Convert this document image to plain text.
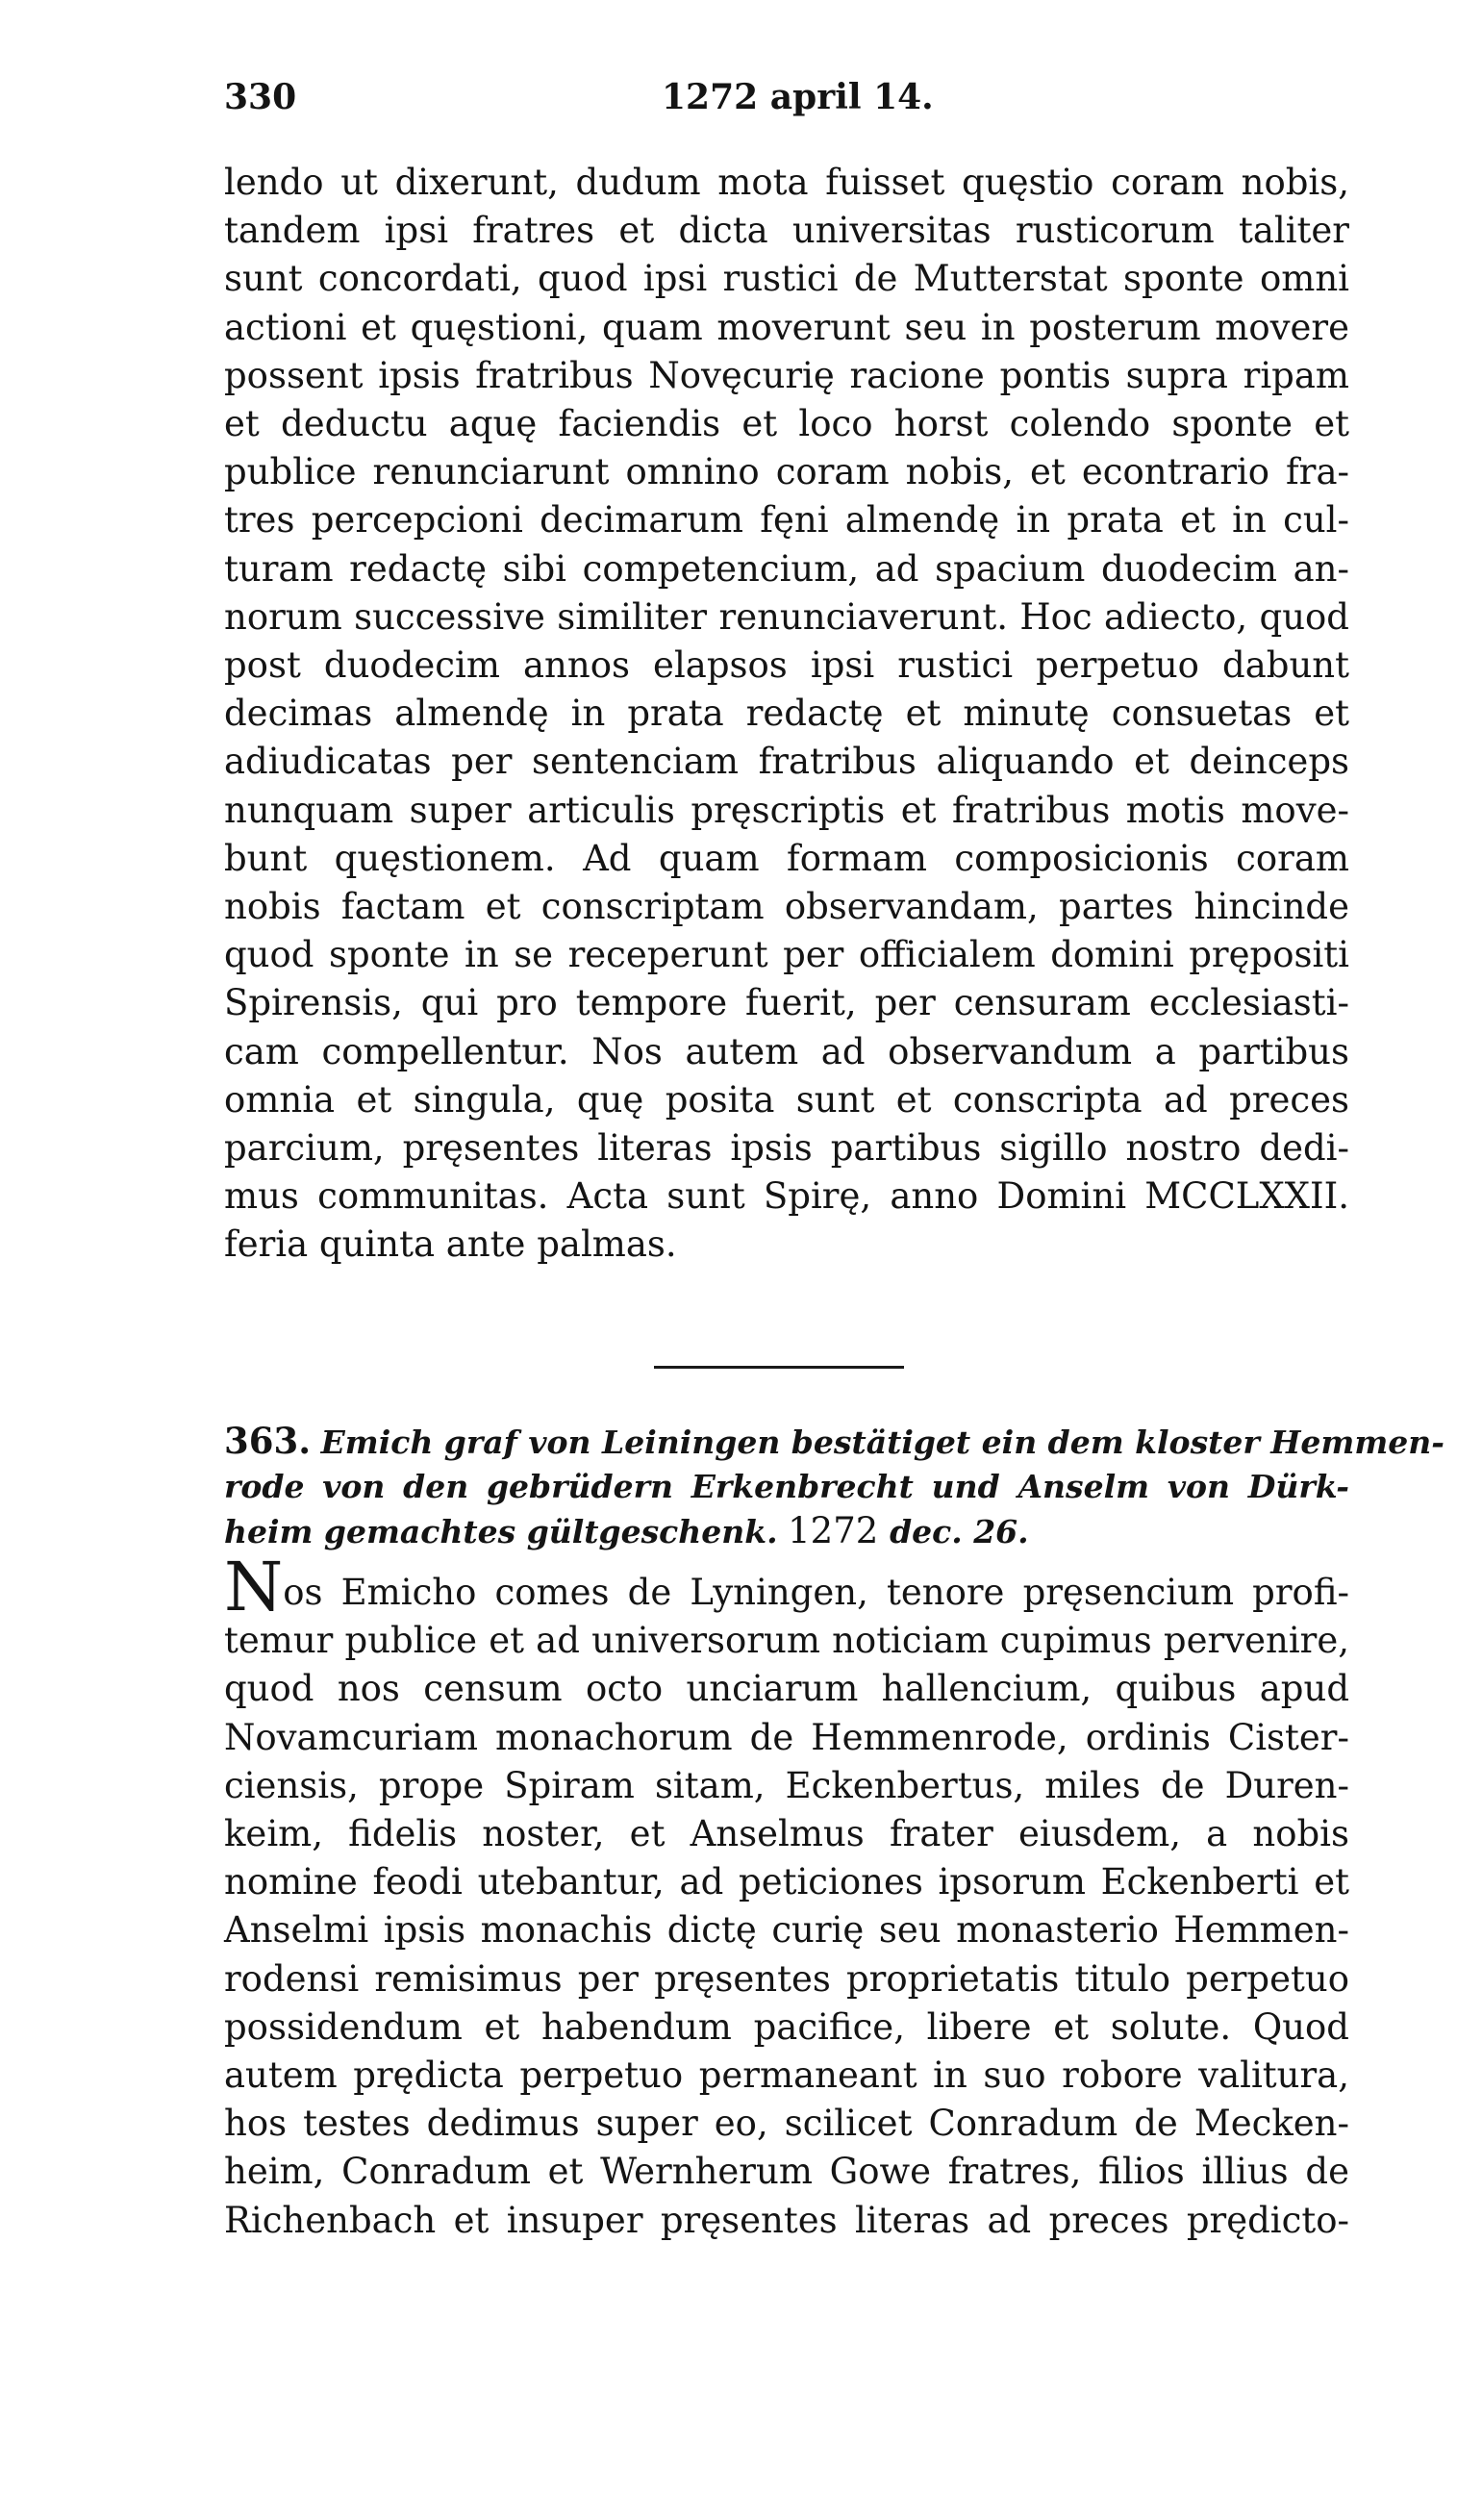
330	1272 april 14.
lendo ut dixerunt, dudum mota fuisset quęstio coram nobis,
tandem ipsi fratres et dicta universitas rusticorum taliter
sunt concordati, quod ipsi rustici de Mutterstat sponte omni
actioni et quęstioni, quam moverunt seu in posterum movere
possent ipsis fratribus Novęcurię racione pontis supra ripam
et deductu aquę faciendis et loco horst colendo sponte et
publice renunciarunt omnino coram nobis, et econtrario fra-
tres percepcioni decimarum fęni almendę in prata et in cul-
turam redactę sibi competencium, ad spacium duodecim an-
norum successive similiter renunciaverunt. Hoc adiecto, quod
post duodecim annos elapsos ipsi rustici perpetuo dabunt
decimas almendę in prata redactę et minutę consuetas et
adiudicatas per sentenciam fratribus aliquando et deinceps
nunquam super articulis pręscriptis et fratribus motis move-
bunt quęstionem. Ad quam formam composicionis coram
nobis factam et conscriptam observandam, partes hincinde
quod sponte in se receperunt per officialem domini prępositi
Spirensis, qui pro tempore fuerit, per censuram ecclesiasti-
cam compellentur. Nos autem ad observandum a partibus
omnia et singula, quę posita sunt et conscripta ad preces
parcium, pręsentes literas ipsis partibus sigillo nostro dedi-
mus communitas. Acta sunt Spirę, anno Domini MCCLXXII.
feria quinta ante palmas.
363. Emich graf von Leiningen bestätiget ein dem kloster Hemmen-
rode von den gebrüdern Erkenbrecht und Anselm von Dürk-
heim gemachtes gültgeschenk. 1272 dec. 26.
Nos Emicho comes de Lyningen, tenore pręsencium profi-
temur publice et ad universorum noticiam cupimus pervenire,
quod nos censum octo unciarum hallencium, quibus apud
Novamcuriam monachorum de Hemmenrode, ordinis Cister-
ciensis, prope Spiram sitam, Eckenbertus, miles de Duren-
keim, fidelis noster, et Anselmus frater eiusdem, a nobis
nomine feodi utebantur, ad peticiones ipsorum Eckenberti et
Anselmi ipsis monachis dictę curię seu monasterio Hemmen-
rodensi remisimus per pręsentes proprietatis titulo perpetuo
possidendum et habendum pacifice, libere et solute. Quod
autem prędicta perpetuo permaneant in suo robore valitura,
hos testes dedimus super eo, scilicet Conradum de Mecken-
heim, Conradum et Wernherum Gowe fratres, filios illius de
Richenbach et insuper pręsentes literas ad preces prędicto-
